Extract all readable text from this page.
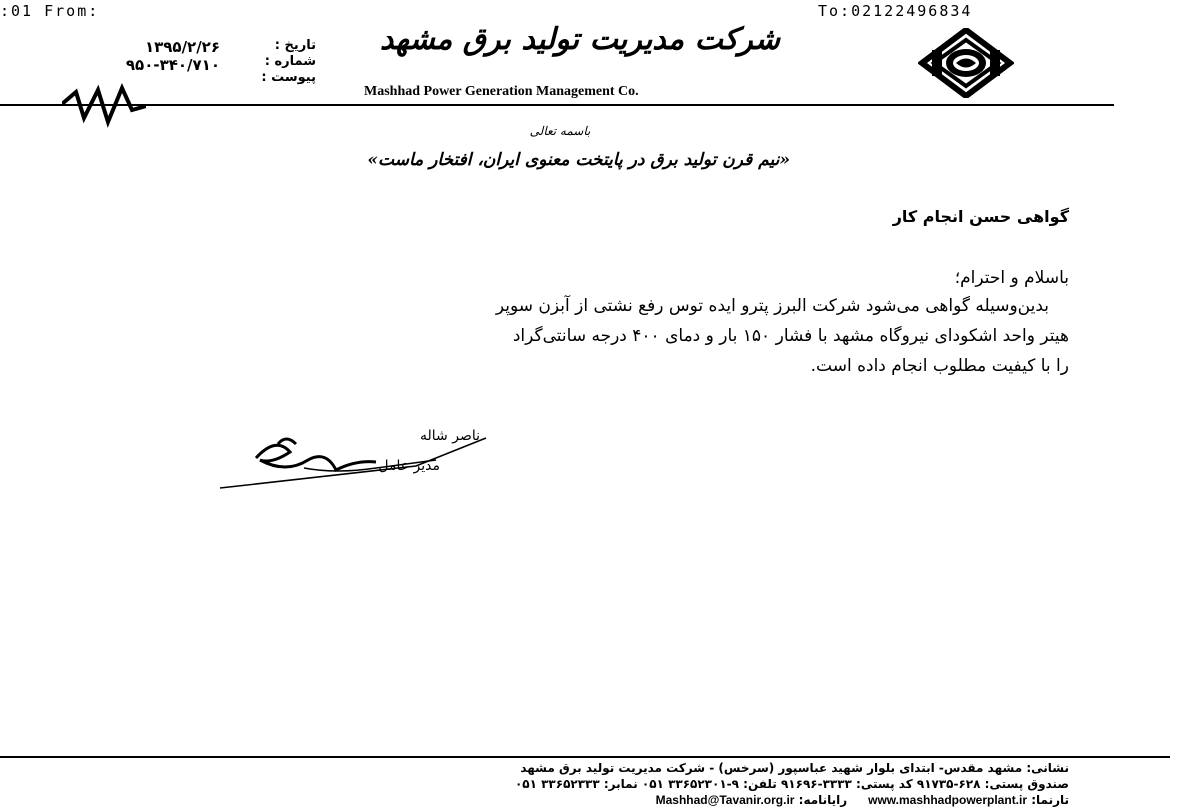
:01 From:	To:02122496834
شرکت مدیریت تولید برق مشهد
Mashhad Power Generation Management Co.
تاریخ :
شماره :
پیوست :
۱۳۹۵/۲/۲۶
۹۵۰-۳۴۰/۷۱۰
باسمه تعالی
«نیم قرن تولید برق در پایتخت معنوی ایران، افتخار ماست»
گواهی حسن انجام کار
باسلام و احترام؛
بدین‌وسیله گواهی می‌شود شرکت البرز پترو ایده توس رفع نشتی از آبزن سوپر
هیتر واحد اشکودای نیروگاه مشهد با فشار ۱۵۰ بار و دمای ۴۰۰ درجه سانتی‌گراد
را با کیفیت مطلوب انجام داده است.
ناصر شاله
مدیر عامل
نشانی: مشهد مقدس- ابتدای بلوار شهید عباسپور (سرخس) - شرکت مدیریت تولید برق مشهد
صندوق پستی: ۶۲۸-۹۱۷۳۵ کد پستی: ۳۳۳۳-۹۱۶۹۶ تلفن: ۹-۳۳۶۵۲۳۰۱ ۰۵۱ نمابر: ۳۳۶۵۲۳۳۳ ۰۵۱
تارنما: www.mashhadpowerplant.ir     رایانامه: Mashhad@Tavanir.org.ir
